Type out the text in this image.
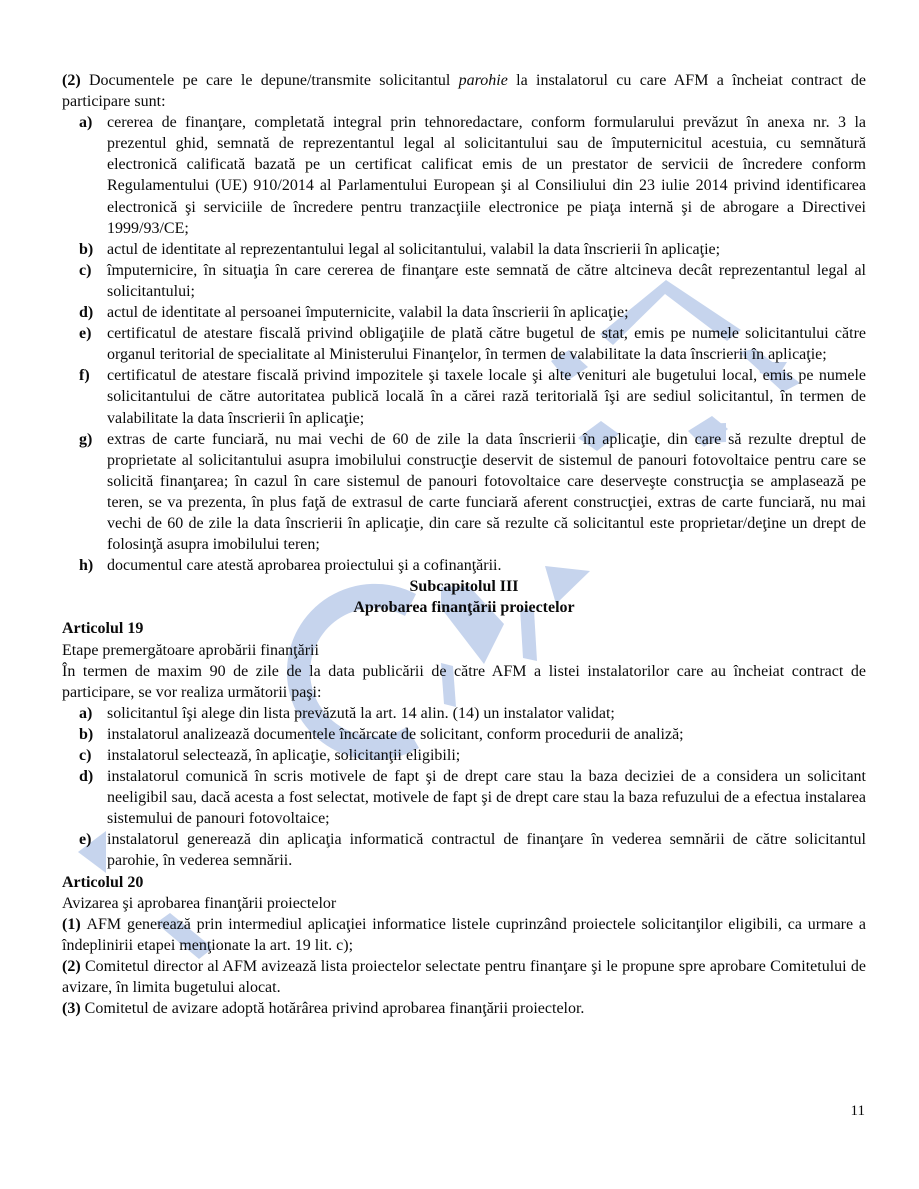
(2) Documentele pe care le depune/transmite solicitantul parohie la instalatorul cu care AFM a încheiat contract de participare sunt:

a) cererea de finanţare, completată integral prin tehnoredactare, conform formularului prevăzut în anexa nr. 3 la prezentul ghid, semnată de reprezentantul legal al solicitantului sau de împuternicitul acestuia, cu semnătură electronică calificată bazată pe un certificat calificat emis de un prestator de servicii de încredere conform Regulamentului (UE) 910/2014 al Parlamentului European şi al Consiliului din 23 iulie 2014 privind identificarea electronică şi serviciile de încredere pentru tranzacţiile electronice pe piaţa internă şi de abrogare a Directivei 1999/93/CE;
b) actul de identitate al reprezentantului legal al solicitantului, valabil la data înscrierii în aplicaţie;
c) împuternicire, în situaţia în care cererea de finanţare este semnată de către altcineva decât reprezentantul legal al solicitantului;
d) actul de identitate al persoanei împuternicite, valabil la data înscrierii în aplicaţie;
e) certificatul de atestare fiscală privind obligaţiile de plată către bugetul de stat, emis pe numele solicitantului către organul teritorial de specialitate al Ministerului Finanţelor, în termen de valabilitate la data înscrierii în aplicaţie;
f) certificatul de atestare fiscală privind impozitele şi taxele locale şi alte venituri ale bugetului local, emis pe numele solicitantului de către autoritatea publică locală în a cărei rază teritorială îşi are sediul solicitantul, în termen de valabilitate la data înscrierii în aplicaţie;
g) extras de carte funciară, nu mai vechi de 60 de zile la data înscrierii în aplicaţie, din care să rezulte dreptul de proprietate al solicitantului asupra imobilului construcţie deservit de sistemul de panouri fotovoltaice pentru care se solicită finanţarea; în cazul în care sistemul de panouri fotovoltaice care deserveşte construcţia se amplasează pe teren, se va prezenta, în plus faţă de extrasul de carte funciară aferent construcţiei, extras de carte funciară, nu mai vechi de 60 de zile la data înscrierii în aplicaţie, din care să rezulte că solicitantul este proprietar/deţine un drept de folosinţă asupra imobilului teren;
h) documentul care atestă aprobarea proiectului şi a cofinanţării.

Subcapitolul III

Aprobarea finanţării proiectelor

Articolul 19

Etape premergătoare aprobării finanţării

În termen de maxim 90 de zile de la data publicării de către AFM a listei instalatorilor care au încheiat contract de participare, se vor realiza următorii paşi:

a) solicitantul îşi alege din lista prevăzută la art. 14 alin. (14) un instalator validat;
b) instalatorul analizează documentele încărcate de solicitant, conform procedurii de analiză;
c) instalatorul selectează, în aplicaţie, solicitanţii eligibili;
d) instalatorul comunică în scris motivele de fapt şi de drept care stau la baza deciziei de a considera un solicitant neeligibil sau, dacă acesta a fost selectat, motivele de fapt şi de drept care stau la baza refuzului de a efectua instalarea sistemului de panouri fotovoltaice;
e) instalatorul generează din aplicaţia informatică contractul de finanţare în vederea semnării de către solicitantul parohie, în vederea semnării.

Articolul 20

Avizarea şi aprobarea finanţării proiectelor

(1) AFM generează prin intermediul aplicaţiei informatice listele cuprinzând proiectele solicitanţilor eligibili, ca urmare a îndeplinirii etapei menţionate la art. 19 lit. c);

(2) Comitetul director al AFM avizează lista proiectelor selectate pentru finanţare şi le propune spre aprobare Comitetului de avizare, în limita bugetului alocat.

(3) Comitetul de avizare adoptă hotărârea privind aprobarea finanţării proiectelor.

11
